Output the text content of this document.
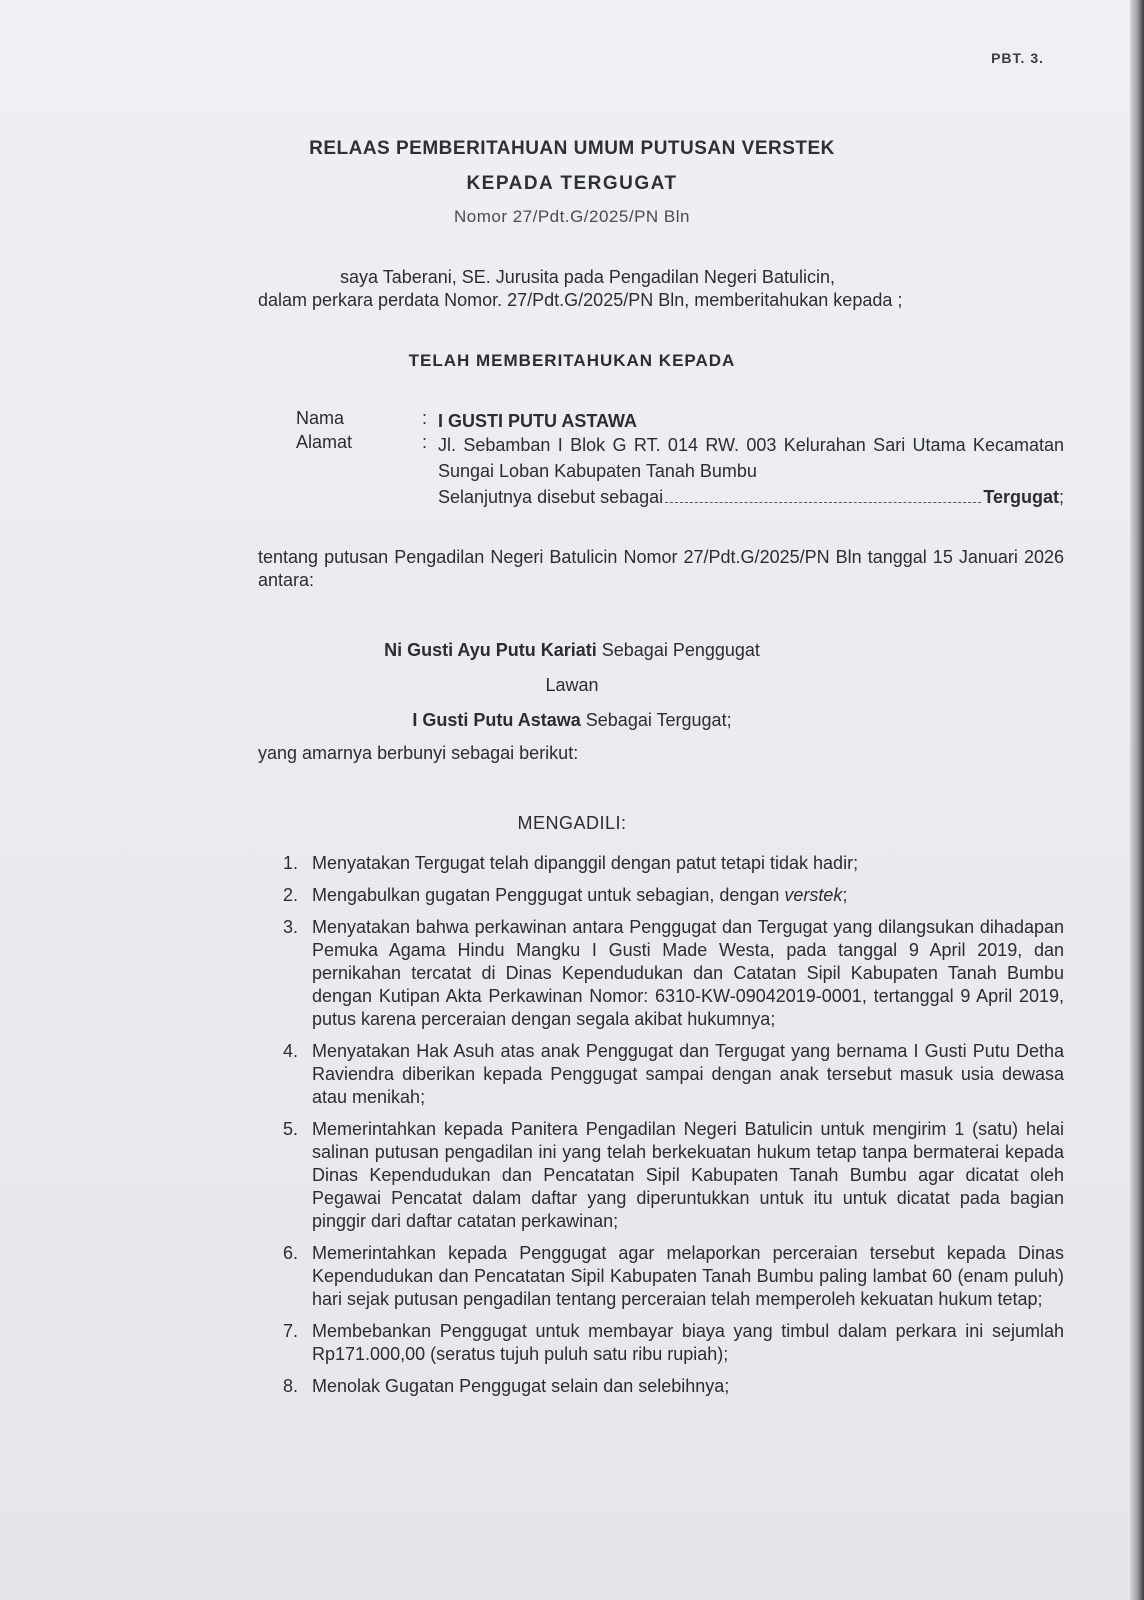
PBT. 3.
RELAAS PEMBERITAHUAN UMUM PUTUSAN VERSTEK
KEPADA TERGUGAT
Nomor 27/Pdt.G/2025/PN Bln
saya Taberani, SE. Jurusita pada Pengadilan Negeri Batulicin,
dalam perkara perdata Nomor. 27/Pdt.G/2025/PN Bln, memberitahukan kepada ;
TELAH MEMBERITAHUKAN KEPADA
Nama	: I GUSTI PUTU ASTAWA
Alamat	: Jl. Sebamban I Blok G RT. 014 RW. 003 Kelurahan Sari Utama Kecamatan Sungai Loban Kabupaten Tanah Bumbu
Selanjutnya disebut sebagai	Tergugat ;
tentang putusan Pengadilan Negeri Batulicin Nomor 27/Pdt.G/2025/PN Bln tanggal 15 Januari 2026 antara:
Ni Gusti Ayu Putu Kariati Sebagai Penggugat
Lawan
I Gusti Putu Astawa Sebagai Tergugat;
yang amarnya berbunyi sebagai berikut:
MENGADILI:
1. Menyatakan Tergugat telah dipanggil dengan patut tetapi tidak hadir;
2. Mengabulkan gugatan Penggugat untuk sebagian, dengan verstek;
3. Menyatakan bahwa perkawinan antara Penggugat dan Tergugat yang dilangsukan dihadapan Pemuka Agama Hindu Mangku I Gusti Made Westa, pada tanggal 9 April 2019, dan pernikahan tercatat di Dinas Kependudukan dan Catatan Sipil Kabupaten Tanah Bumbu dengan Kutipan Akta Perkawinan Nomor: 6310-KW-09042019-0001, tertanggal 9 April 2019, putus karena perceraian dengan segala akibat hukumnya;
4. Menyatakan Hak Asuh atas anak Penggugat dan Tergugat yang bernama I Gusti Putu Detha Raviendra diberikan kepada Penggugat sampai dengan anak tersebut masuk usia dewasa atau menikah;
5. Memerintahkan kepada Panitera Pengadilan Negeri Batulicin untuk mengirim 1 (satu) helai salinan putusan pengadilan ini yang telah berkekuatan hukum tetap tanpa bermaterai kepada Dinas Kependudukan dan Pencatatan Sipil Kabupaten Tanah Bumbu agar dicatat oleh Pegawai Pencatat dalam daftar yang diperuntukkan untuk itu untuk dicatat pada bagian pinggir dari daftar catatan perkawinan;
6. Memerintahkan kepada Penggugat agar melaporkan perceraian tersebut kepada Dinas Kependudukan dan Pencatatan Sipil Kabupaten Tanah Bumbu paling lambat 60 (enam puluh) hari sejak putusan pengadilan tentang perceraian telah memperoleh kekuatan hukum tetap;
7. Membebankan Penggugat untuk membayar biaya yang timbul dalam perkara ini sejumlah Rp171.000,00 (seratus tujuh puluh satu ribu rupiah);
8. Menolak Gugatan Penggugat selain dan selebihnya;
